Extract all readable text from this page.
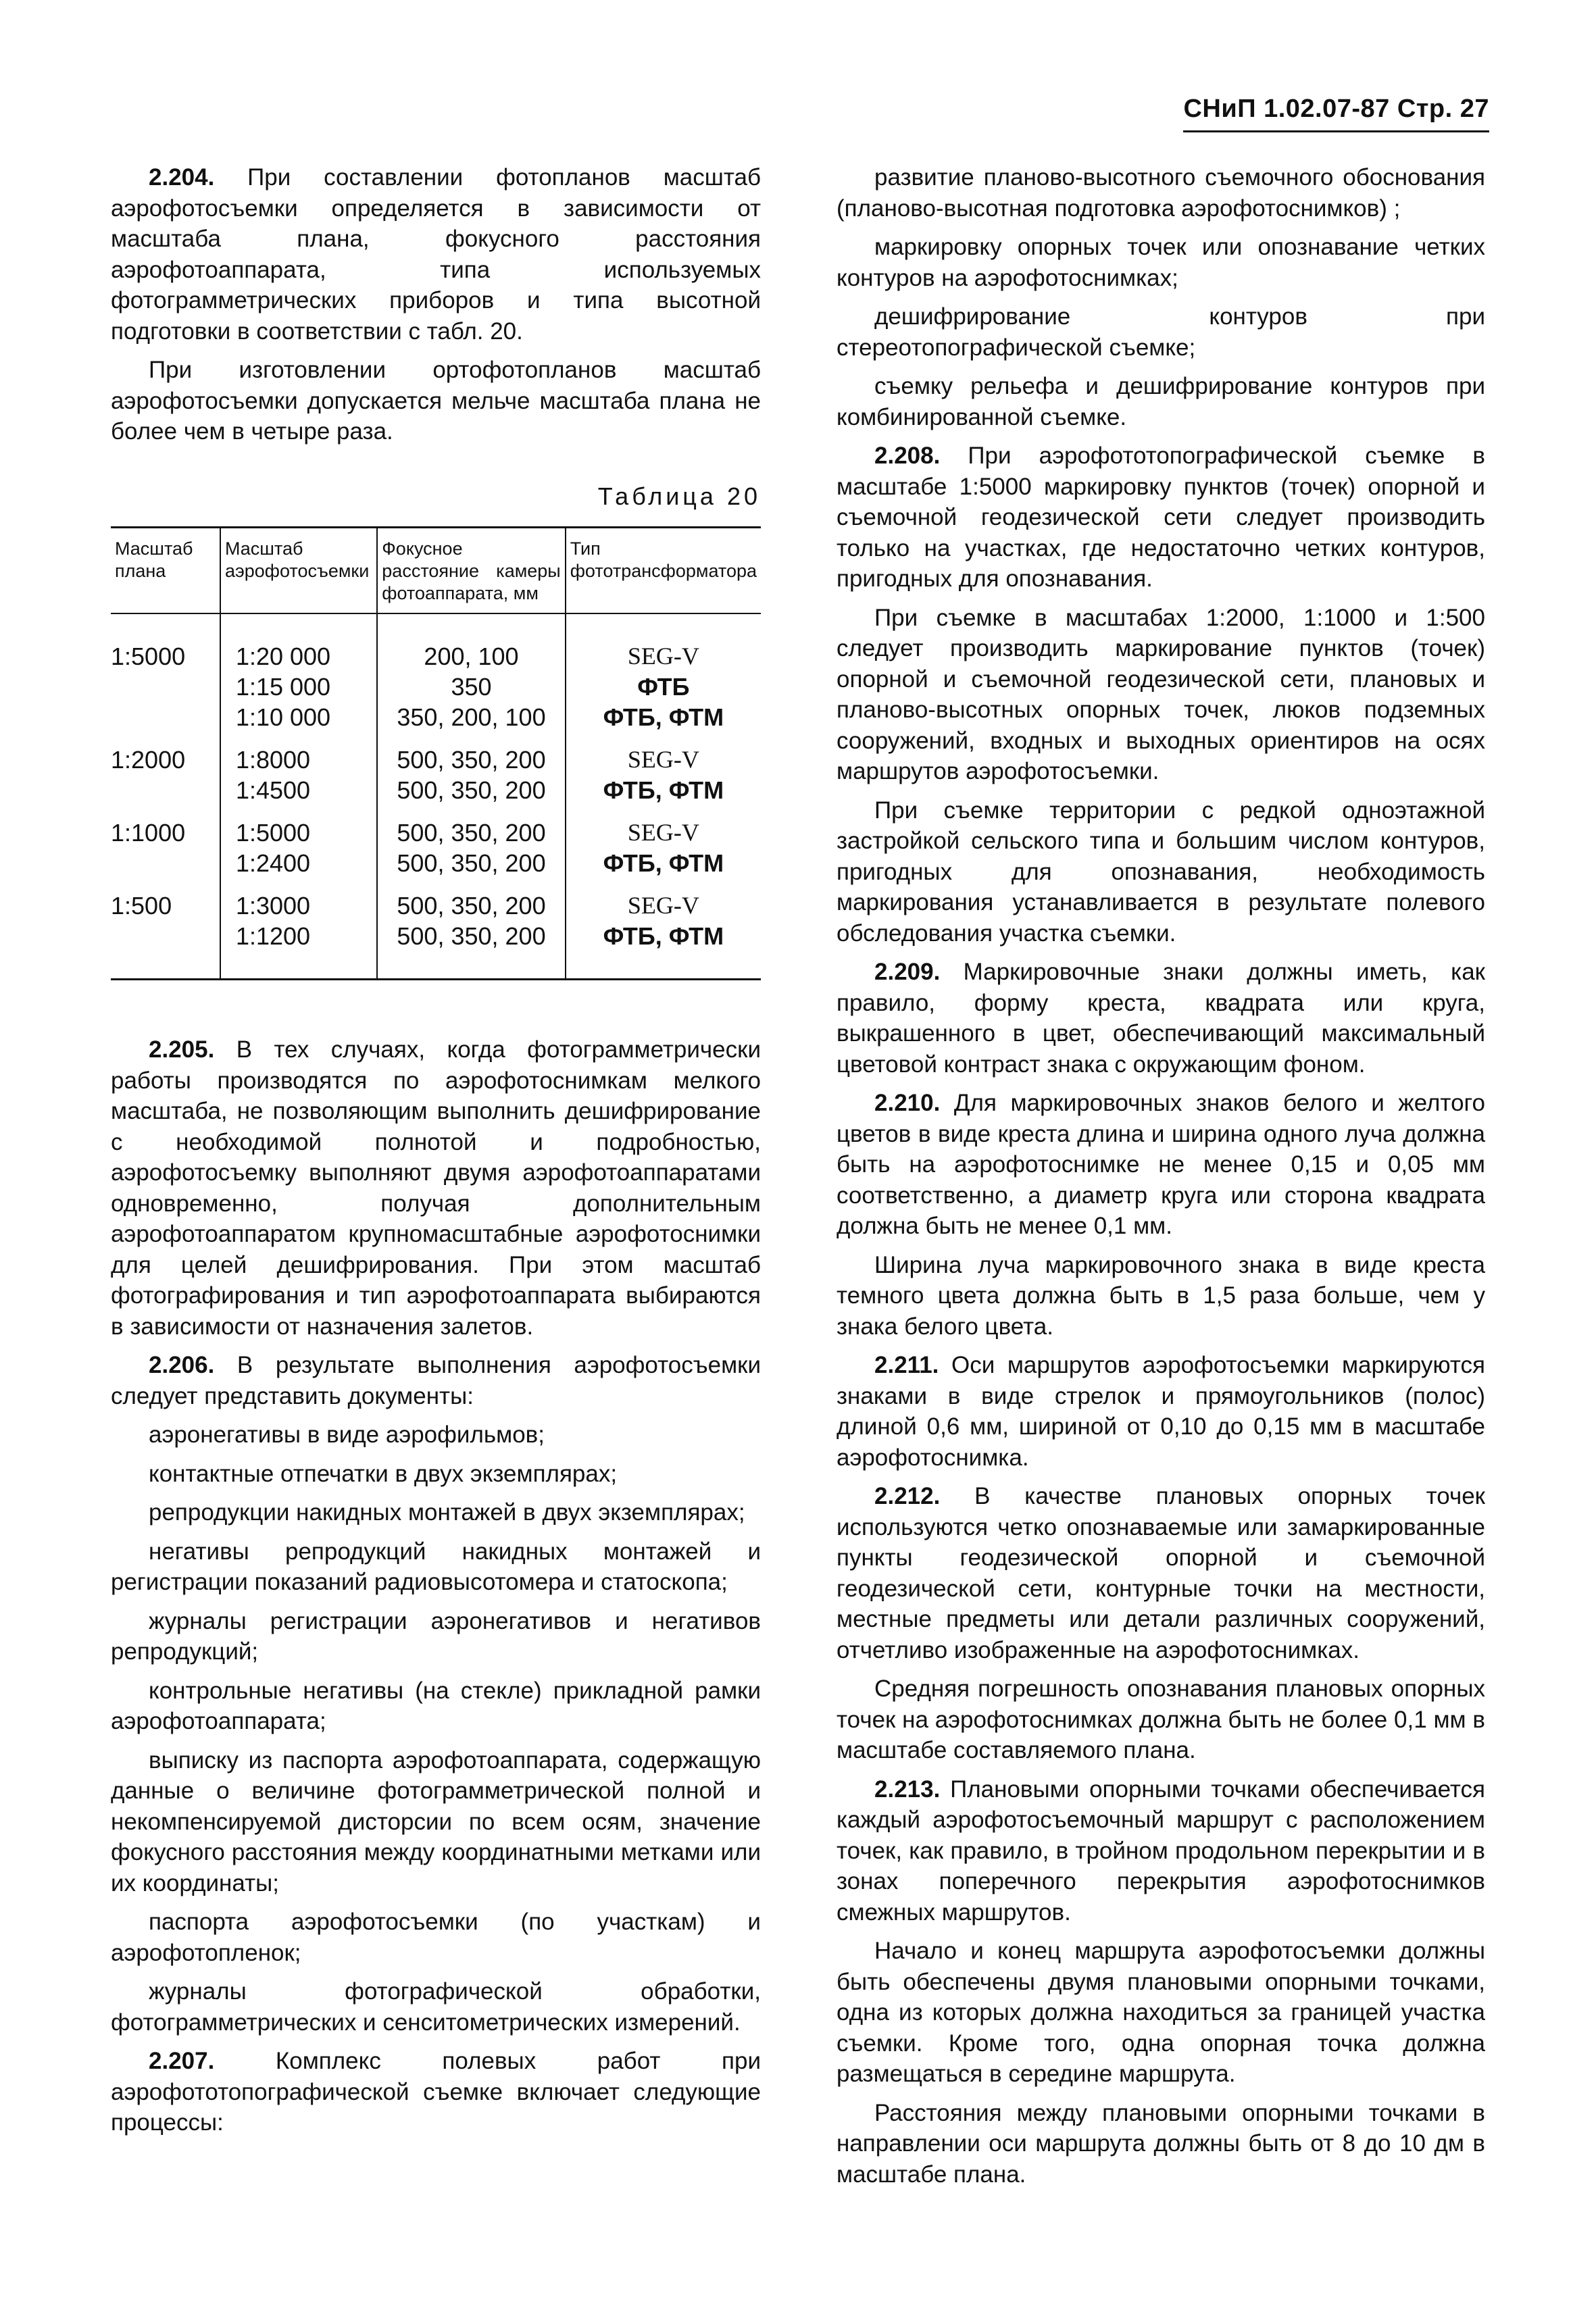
СНиП 1.02.07-87 Стр. 27

2.204. При составлении фотопланов масштаб аэрофотосъемки определяется в зависимости от масштаба плана, фокусного расстояния аэрофотоаппарата, типа используемых фотограмметрических приборов и типа высотной подготовки в соответствии с табл. 20.

При изготовлении ортофотопланов масштаб аэрофотосъемки допускается мельче масштаба плана не более чем в четыре раза.

Таблица 20
Масштаб плана	Масштаб аэрофотосъемки	Фокусное расстояние камеры фотоаппарата, мм	Тип фототрансформатора
1:5000	1:20 000	200, 100	SEG-V
	1:15 000	350	ФТБ
	1:10 000	350, 200, 100	ФТБ, ФТМ
1:2000	1:8000	500, 350, 200	SEG-V
	1:4500	500, 350, 200	ФТБ, ФТМ
1:1000	1:5000	500, 350, 200	SEG-V
	1:2400	500, 350, 200	ФТБ, ФТМ
1:500	1:3000	500, 350, 200	SEG-V
	1:1200	500, 350, 200	ФТБ, ФТМ

2.205. В тех случаях, когда фотограмметрически работы производятся по аэрофотоснимкам мелкого масштаба, не позволяющим выполнить дешифрирование с необходимой полнотой и подробностью, аэрофотосъемку выполняют двумя аэрофотоаппаратами одновременно, получая дополнительным аэрофотоаппаратом крупномасштабные аэрофотоснимки для целей дешифрирования. При этом масштаб фотографирования и тип аэрофотоаппарата выбираются в зависимости от назначения залетов.

2.206. В результате выполнения аэрофотосъемки следует представить документы:

аэронегативы в виде аэрофильмов;

контактные отпечатки в двух экземплярах;

репродукции накидных монтажей в двух экземплярах;

негативы репродукций накидных монтажей и регистрации показаний радиовысотомера и статоскопа;

журналы регистрации аэронегативов и негативов репродукций;

контрольные негативы (на стекле) прикладной рамки аэрофотоаппарата;

выписку из паспорта аэрофотоаппарата, содержащую данные о величине фотограмметрической полной и некомпенсируемой дисторсии по всем осям, значение фокусного расстояния между координатными метками или их координаты;

паспорта аэрофотосъемки (по участкам) и аэрофотопленок;

журналы фотографической обработки, фотограмметрических и сенситометрических измерений.

2.207. Комплекс полевых работ при аэрофототопографической съемке включает следующие процессы:

развитие планово-высотного съемочного обоснования (планово-высотная подготовка аэрофотоснимков) ;

маркировку опорных точек или опознавание четких контуров на аэрофотоснимках;

дешифрирование контуров при стереотопографической съемке;

съемку рельефа и дешифрирование контуров при комбинированной съемке.

2.208. При аэрофототопографической съемке в масштабе 1:5000 маркировку пунктов (точек) опорной и съемочной геодезической сети следует производить только на участках, где недостаточно четких контуров, пригодных для опознавания.

При съемке в масштабах 1:2000, 1:1000 и 1:500 следует производить маркирование пунктов (точек) опорной и съемочной геодезической сети, плановых и планово-высотных опорных точек, люков подземных сооружений, входных и выходных ориентиров на осях маршрутов аэрофотосъемки.

При съемке территории с редкой одноэтажной застройкой сельского типа и большим числом контуров, пригодных для опознавания, необходимость маркирования устанавливается в результате полевого обследования участка съемки.

2.209. Маркировочные знаки должны иметь, как правило, форму креста, квадрата или круга, выкрашенного в цвет, обеспечивающий максимальный цветовой контраст знака с окружающим фоном.

2.210. Для маркировочных знаков белого и желтого цветов в виде креста длина и ширина одного луча должна быть на аэрофотоснимке не менее 0,15 и 0,05 мм соответственно, а диаметр круга или сторона квадрата должна быть не менее 0,1 мм.

Ширина луча маркировочного знака в виде креста темного цвета должна быть в 1,5 раза больше, чем у знака белого цвета.

2.211. Оси маршрутов аэрофотосъемки маркируются знаками в виде стрелок и прямоугольников (полос) длиной 0,6 мм, шириной от 0,10 до 0,15 мм в масштабе аэрофотоснимка.

2.212. В качестве плановых опорных точек используются четко опознаваемые или замаркированные пункты геодезической опорной и съемочной геодезической сети, контурные точки на местности, местные предметы или детали различных сооружений, отчетливо изображенные на аэрофотоснимках.

Средняя погрешность опознавания плановых опорных точек на аэрофотоснимках должна быть не более 0,1 мм в масштабе составляемого плана.

2.213. Плановыми опорными точками обеспечивается каждый аэрофотосъемочный маршрут с расположением точек, как правило, в тройном продольном перекрытии и в зонах поперечного перекрытия аэрофотоснимков смежных маршрутов.

Начало и конец маршрута аэрофотосъемки должны быть обеспечены двумя плановыми опорными точками, одна из которых должна находиться за границей участка съемки. Кроме того, одна опорная точка должна размещаться в середине маршрута.

Расстояния между плановыми опорными точками в направлении оси маршрута должны быть от 8 до 10 дм в масштабе плана.
